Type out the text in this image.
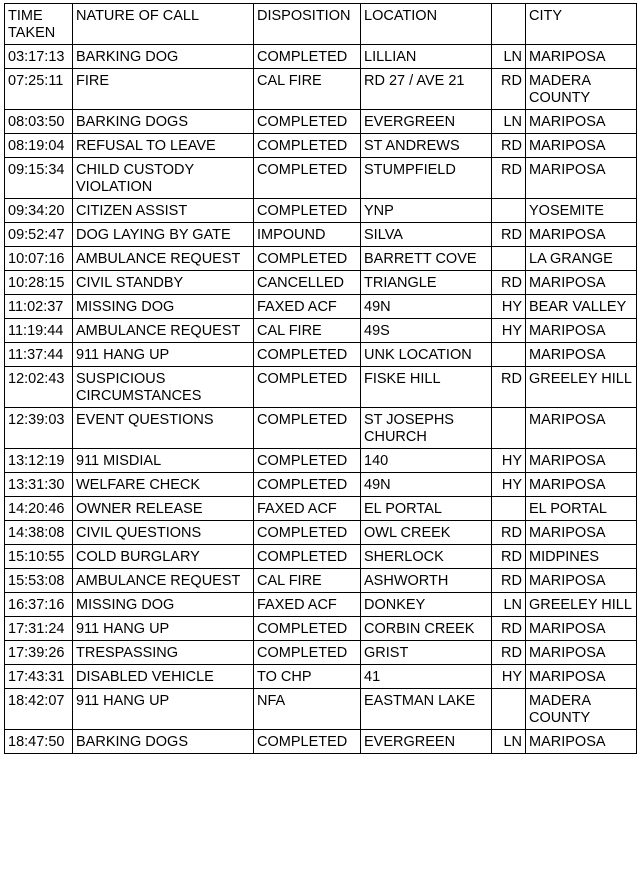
TIME TAKEN	NATURE OF CALL	DISPOSITION	LOCATION		CITY
03:17:13	BARKING DOG	COMPLETED	LILLIAN	LN	MARIPOSA
07:25:11	FIRE	CAL FIRE	RD 27 / AVE 21	RD	MADERA COUNTY
08:03:50	BARKING DOGS	COMPLETED	EVERGREEN	LN	MARIPOSA
08:19:04	REFUSAL TO LEAVE	COMPLETED	ST ANDREWS	RD	MARIPOSA
09:15:34	CHILD CUSTODY VIOLATION	COMPLETED	STUMPFIELD	RD	MARIPOSA
09:34:20	CITIZEN ASSIST	COMPLETED	YNP		YOSEMITE
09:52:47	DOG LAYING BY GATE	IMPOUND	SILVA	RD	MARIPOSA
10:07:16	AMBULANCE REQUEST	COMPLETED	BARRETT COVE		LA GRANGE
10:28:15	CIVIL STANDBY	CANCELLED	TRIANGLE	RD	MARIPOSA
11:02:37	MISSING DOG	FAXED ACF	49N	HY	BEAR VALLEY
11:19:44	AMBULANCE REQUEST	CAL FIRE	49S	HY	MARIPOSA
11:37:44	911 HANG UP	COMPLETED	UNK LOCATION		MARIPOSA
12:02:43	SUSPICIOUS CIRCUMSTANCES	COMPLETED	FISKE HILL	RD	GREELEY HILL
12:39:03	EVENT QUESTIONS	COMPLETED	ST JOSEPHS CHURCH		MARIPOSA
13:12:19	911 MISDIAL	COMPLETED	140	HY	MARIPOSA
13:31:30	WELFARE CHECK	COMPLETED	49N	HY	MARIPOSA
14:20:46	OWNER RELEASE	FAXED ACF	EL PORTAL		EL PORTAL
14:38:08	CIVIL QUESTIONS	COMPLETED	OWL CREEK	RD	MARIPOSA
15:10:55	COLD BURGLARY	COMPLETED	SHERLOCK	RD	MIDPINES
15:53:08	AMBULANCE REQUEST	CAL FIRE	ASHWORTH	RD	MARIPOSA
16:37:16	MISSING DOG	FAXED ACF	DONKEY	LN	GREELEY HILL
17:31:24	911 HANG UP	COMPLETED	CORBIN CREEK	RD	MARIPOSA
17:39:26	TRESPASSING	COMPLETED	GRIST	RD	MARIPOSA
17:43:31	DISABLED VEHICLE	TO CHP	41	HY	MARIPOSA
18:42:07	911 HANG UP	NFA	EASTMAN LAKE		MADERA COUNTY
18:47:50	BARKING DOGS	COMPLETED	EVERGREEN	LN	MARIPOSA
